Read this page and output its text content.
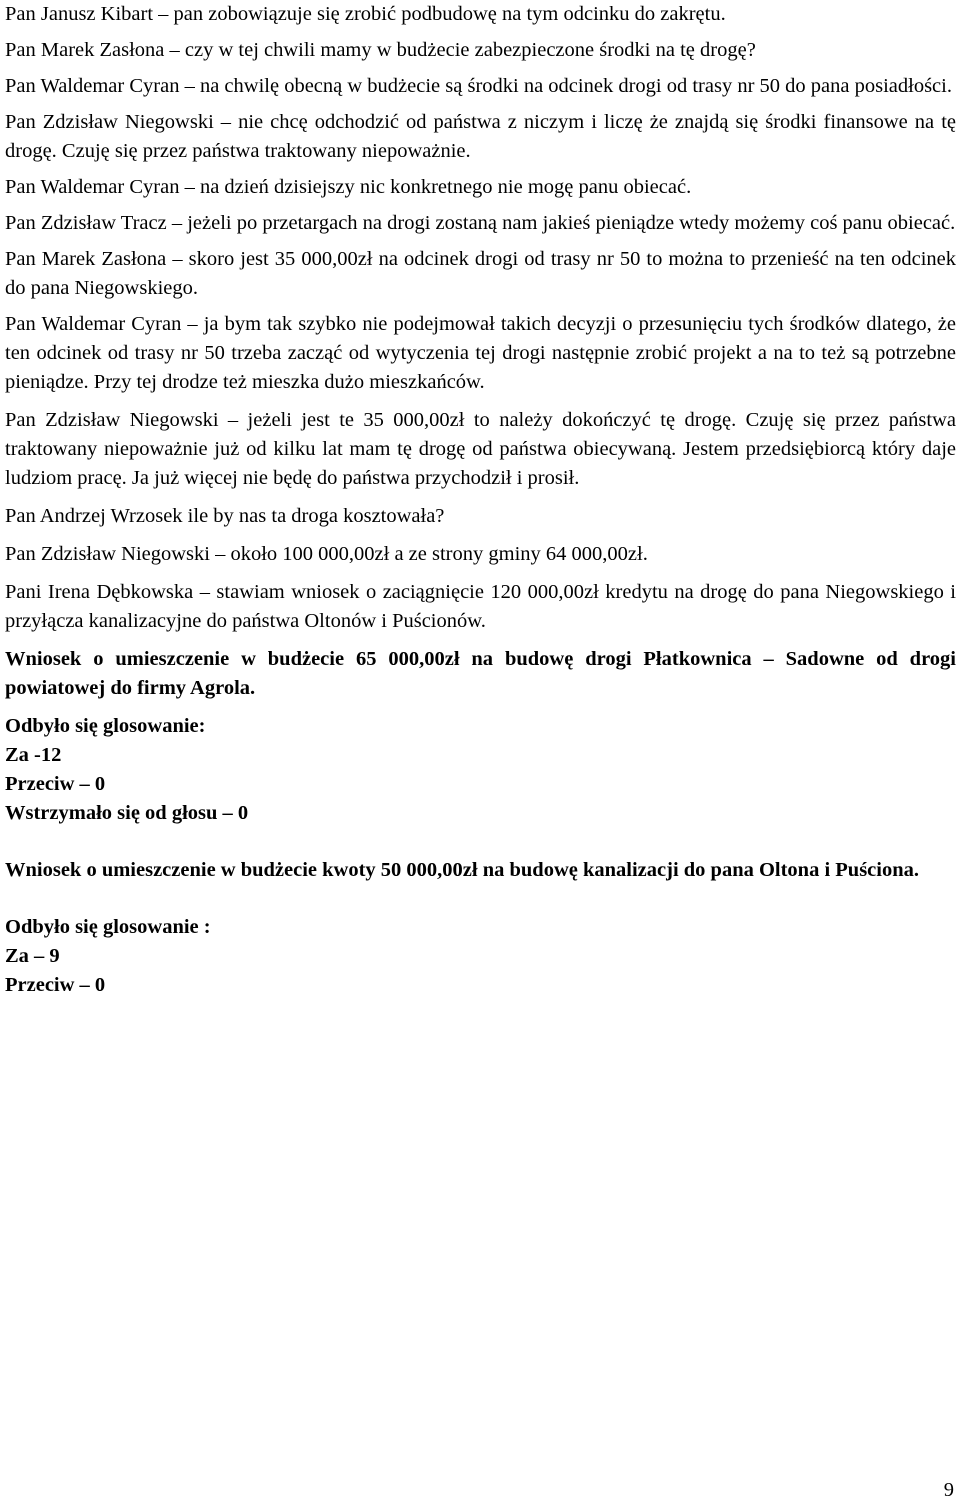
Pan Janusz Kibart – pan zobowiązuje się zrobić podbudowę na tym odcinku do zakrętu.

Pan Marek Zasłona – czy w tej chwili mamy w budżecie zabezpieczone środki na tę drogę?

Pan Waldemar Cyran – na chwilę obecną w budżecie są środki na odcinek drogi od trasy nr 50 do pana posiadłości.

Pan Zdzisław Niegowski – nie chcę odchodzić od państwa z niczym i liczę że znajdą się środki finansowe na tę drogę. Czuję się przez państwa traktowany niepoważnie.

Pan Waldemar Cyran – na dzień dzisiejszy nic konkretnego nie mogę panu obiecać.

Pan Zdzisław Tracz – jeżeli po przetargach na drogi zostaną nam jakieś pieniądze wtedy możemy coś panu obiecać.

Pan Marek Zasłona – skoro jest 35 000,00zł na odcinek drogi od trasy nr 50 to można to przenieść na ten odcinek do pana Niegowskiego.

Pan Waldemar Cyran – ja bym tak szybko nie podejmował takich decyzji o przesunięciu tych środków dlatego, że ten odcinek od trasy nr 50 trzeba zacząć od wytyczenia tej drogi następnie zrobić projekt a na to też są potrzebne pieniądze. Przy tej drodze też mieszka dużo mieszkańców.

Pan Zdzisław Niegowski – jeżeli jest te 35 000,00zł to należy dokończyć tę drogę. Czuję się przez państwa traktowany niepoważnie już od kilku lat mam tę drogę od państwa obiecywaną. Jestem przedsiębiorcą który daje ludziom pracę. Ja już więcej nie będę do państwa przychodził i prosił.

Pan Andrzej Wrzosek ile by nas ta droga kosztowała?

Pan Zdzisław Niegowski – około 100 000,00zł a ze strony gminy 64 000,00zł.

Pani Irena Dębkowska – stawiam wniosek o zaciągnięcie 120 000,00zł kredytu na drogę do pana Niegowskiego i przyłącza kanalizacyjne do państwa Oltonów i Puścionów.

Wniosek o umieszczenie w budżecie 65 000,00zł na budowę drogi Płatkownica – Sadowne od drogi powiatowej do firmy Agrola.

Odbyło się glosowanie:
Za -12
Przeciw – 0
Wstrzymało się od głosu – 0

Wniosek o umieszczenie w budżecie kwoty 50 000,00zł na budowę kanalizacji do pana Oltona i Puściona.

Odbyło się glosowanie :
Za – 9
Przeciw – 0
9
